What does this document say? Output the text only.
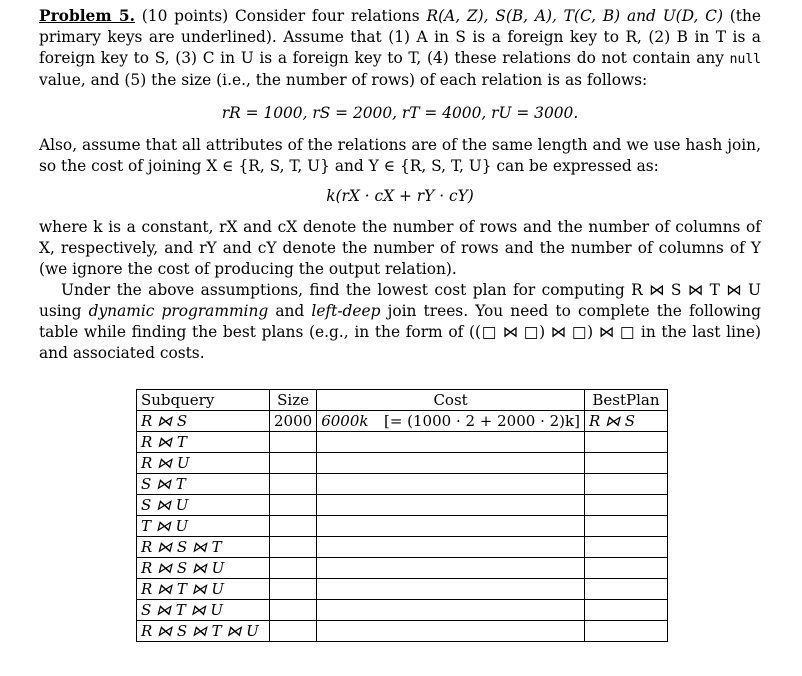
Problem 5. (10 points) Consider four relations R(A, Z), S(B, A), T(C, B) and U(D, C) (the primary keys are underlined). Assume that (1) A in S is a foreign key to R, (2) B in T is a foreign key to S, (3) C in U is a foreign key to T, (4) these relations do not contain any null value, and (5) the size (i.e., the number of rows) of each relation is as follows:

rR = 1000, rS = 2000, rT = 4000, rU = 3000.

Also, assume that all attributes of the relations are of the same length and we use hash join, so the cost of joining X ∈ {R, S, T, U} and Y ∈ {R, S, T, U} can be expressed as:

k(rX · cX + rY · cY)

where k is a constant, rX and cX denote the number of rows and the number of columns of X, respectively, and rY and cY denote the number of rows and the number of columns of Y (we ignore the cost of producing the output relation).

Under the above assumptions, find the lowest cost plan for computing R ⋈ S ⋈ T ⋈ U using dynamic programming and left-deep join trees. You need to complete the following table while finding the best plans (e.g., in the form of ((□ ⋈ □) ⋈ □) ⋈ □ in the last line) and associated costs.

Subquery	Size	Cost	BestPlan
R ⋈ S	2000	6000k [= (1000 · 2 + 2000 · 2)k]	R ⋈ S
R ⋈ T			
R ⋈ U			
S ⋈ T			
S ⋈ U			
T ⋈ U			
R ⋈ S ⋈ T			
R ⋈ S ⋈ U			
R ⋈ T ⋈ U			
S ⋈ T ⋈ U			
R ⋈ S ⋈ T ⋈ U			
